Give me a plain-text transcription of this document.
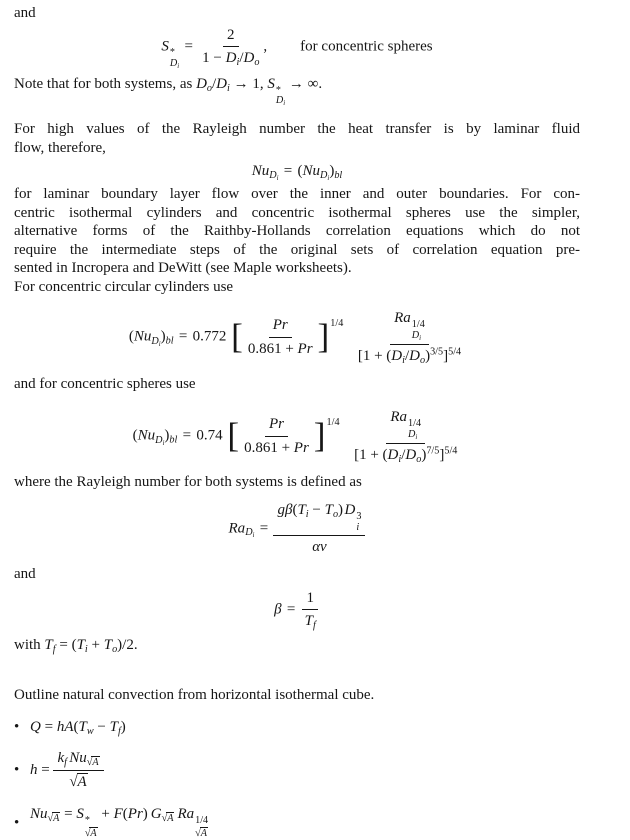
and
S *
$D_i$
= $\frac{2}{1 - D_i/D_o}$ , for concentric spheres
Note that for both systems, as $D_o/D_i \to 1$, S *
$D_i$
→ ∞.
For high values of the Rayleigh number the heat transfer is by laminar fluid
flow, therefore,
$Nu_{D_i} = (Nu_{D_i})_{bl}$
for laminar boundary layer flow over the inner and outer boundaries. For con-
centric isothermal cylinders and concentric isothermal spheres use the simpler,
alternative forms of the Raithby-Hollands correlation equations which do not
require the intermediate steps of the original sets of correlation equation pre-
sented in Incropera and DeWitt (see Maple worksheets).
For concentric circular cylinders use
$(Nu_{D_i})_{bl} = 0.772$ [ $\frac{Pr}{0.861 + Pr} ]^{1/4}$ Ra 1/4
$D_i$
$[1 + (D_i/D_o)^{3/5}]^{5/4}$
and for concentric spheres use
$(Nu_{D_i})_{bl} = 0.74$ [ $\frac{Pr}{0.861 + Pr} ]^{1/4}$ Ra 1/4
$D_i$
$[1 + (D_i/D_o)^{7/5}]^{5/4}$
where the Rayleigh number for both systems is defined as
$Ra_{D_i} = g\beta(T_i - T_o)$ D 3
i
αν
and
$\beta = \frac{1}{T_f}$
with $T_f = (T_i + T_o)/2$.
Outline natural convection from horizontal isothermal cube.
• $Q = hA(T_w - T_f)$
• $h = \frac{k_f Nu_{√A}}{√A}$
•
$Nu_{√A} = S$ *
√A
+ F(Pr) $G_{√A}$ Ra 1/4
√A
